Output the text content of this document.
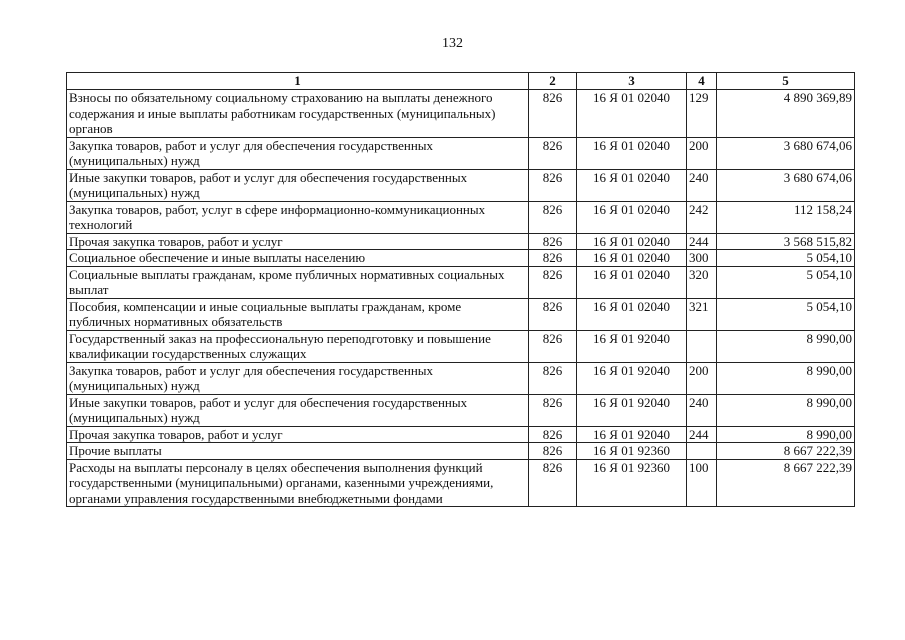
132
1	2	3	4	5
Взносы по обязательному социальному страхованию на выплаты денежного содержания и иные выплаты работникам государственных (муниципальных) органов	826	16 Я 01 02040	129	4 890 369,89
Закупка товаров, работ и услуг для обеспечения государственных (муниципальных) нужд	826	16 Я 01 02040	200	3 680 674,06
Иные закупки товаров, работ и услуг для обеспечения государственных (муниципальных) нужд	826	16 Я 01 02040	240	3 680 674,06
Закупка товаров, работ, услуг в сфере информационно-коммуникационных технологий	826	16 Я 01 02040	242	112 158,24
Прочая закупка товаров, работ и услуг	826	16 Я 01 02040	244	3 568 515,82
Социальное обеспечение и иные выплаты населению	826	16 Я 01 02040	300	5 054,10
Социальные выплаты гражданам, кроме публичных нормативных социальных выплат	826	16 Я 01 02040	320	5 054,10
Пособия, компенсации и иные социальные выплаты гражданам, кроме публичных нормативных обязательств	826	16 Я 01 02040	321	5 054,10
Государственный заказ на профессиональную переподготовку и повышение квалификации государственных служащих	826	16 Я 01 92040		8 990,00
Закупка товаров, работ и услуг для обеспечения государственных (муниципальных) нужд	826	16 Я 01 92040	200	8 990,00
Иные закупки товаров, работ и услуг для обеспечения государственных (муниципальных) нужд	826	16 Я 01 92040	240	8 990,00
Прочая закупка товаров, работ и услуг	826	16 Я 01 92040	244	8 990,00
Прочие выплаты	826	16 Я 01 92360		8 667 222,39
Расходы на выплаты персоналу в целях обеспечения выполнения функций государственными (муниципальными) органами, казенными учреждениями, органами управления государственными внебюджетными фондами	826	16 Я 01 92360	100	8 667 222,39
